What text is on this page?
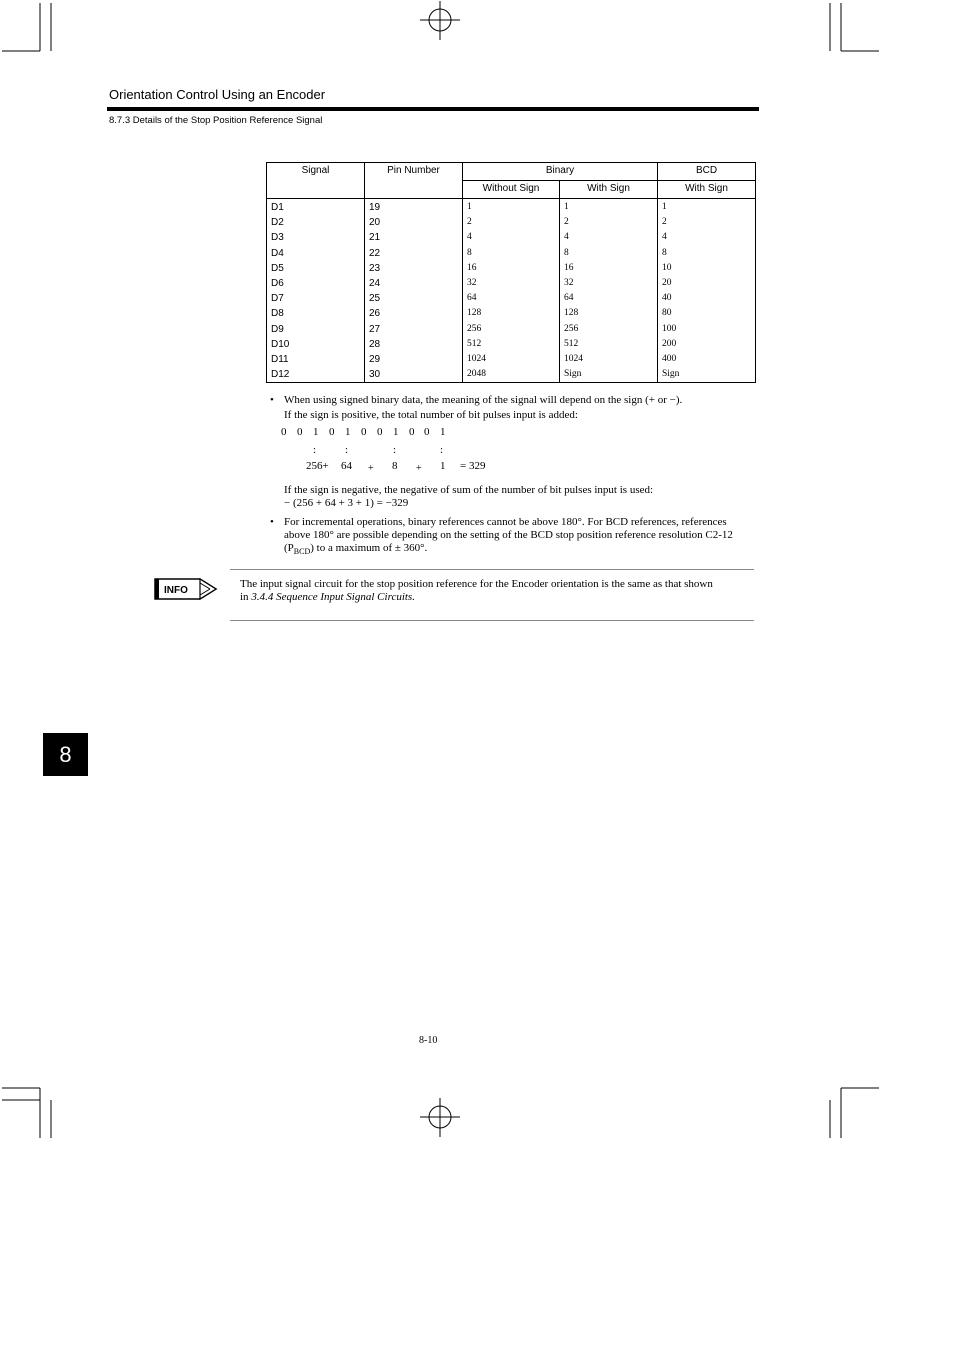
Orientation Control Using an Encoder
8.7.3 Details of the Stop Position Reference Signal
Signal	Pin Number	Binary		BCD
		Without Sign	With Sign	With Sign
D1	19	1	1	1
D2	20	2	2	2
D3	21	4	4	4
D4	22	8	8	8
D5	23	16	16	10
D6	24	32	32	20
D7	25	64	64	40
D8	26	128	128	80
D9	27	256	256	100
D10	28	512	512	200
D11	29	1024	1024	400
D12	30	2048	Sign	Sign
• When using signed binary data, the meaning of the signal will depend on the sign (+ or −).
If the sign is positive, the total number of bit pulses input is added:
0 0 1 0 1 0 0 1 0 0 1
:	:	:	:
256+ 64 + 8 + 1 = 329
If the sign is negative, the negative of sum of the number of bit pulses input is used:
− (256 + 64 + 3 + 1) = −329
• For incremental operations, binary references cannot be above 180°. For BCD references, references
above 180° are possible depending on the setting of the BCD stop position reference resolution C2-12
$(P_{BCD})$ to a maximum of ± 360°.
INFO
The input signal circuit for the stop position reference for the Encoder orientation is the same as that shown
in 3.4.4 Sequence Input Signal Circuits.
8
8-10
